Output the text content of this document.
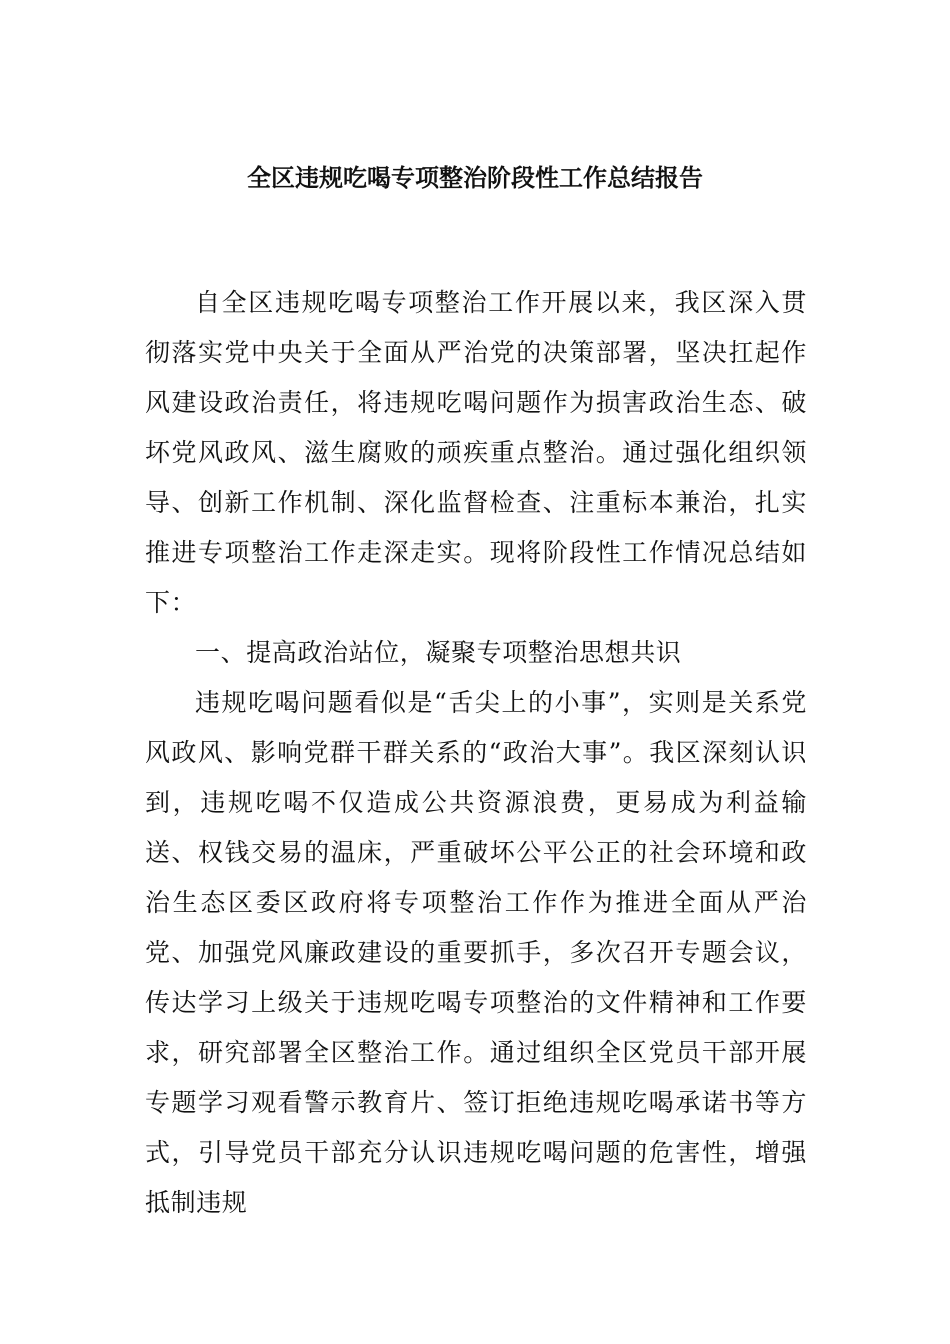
全区违规吃喝专项整治阶段性工作总结报告

自全区违规吃喝专项整治工作开展以来，我区深入贯彻落实党中央关于全面从严治党的决策部署，坚决扛起作风建设政治责任，将违规吃喝问题作为损害政治生态、破坏党风政风、滋生腐败的顽疾重点整治。通过强化组织领导、创新工作机制、深化监督检查、注重标本兼治，扎实推进专项整治工作走深走实。现将阶段性工作情况总结如下：

一、提高政治站位，凝聚专项整治思想共识

违规吃喝问题看似是“舌尖上的小事”，实则是关系党风政风、影响党群干群关系的“政治大事”。我区深刻认识到，违规吃喝不仅造成公共资源浪费，更易成为利益输送、权钱交易的温床，严重破坏公平公正的社会环境和政治生态区委区政府将专项整治工作作为推进全面从严治党、加强党风廉政建设的重要抓手，多次召开专题会议，传达学习上级关于违规吃喝专项整治的文件精神和工作要求，研究部署全区整治工作。通过组织全区党员干部开展专题学习观看警示教育片、签订拒绝违规吃喝承诺书等方式，引导党员干部充分认识违规吃喝问题的危害性，增强抵制违规
